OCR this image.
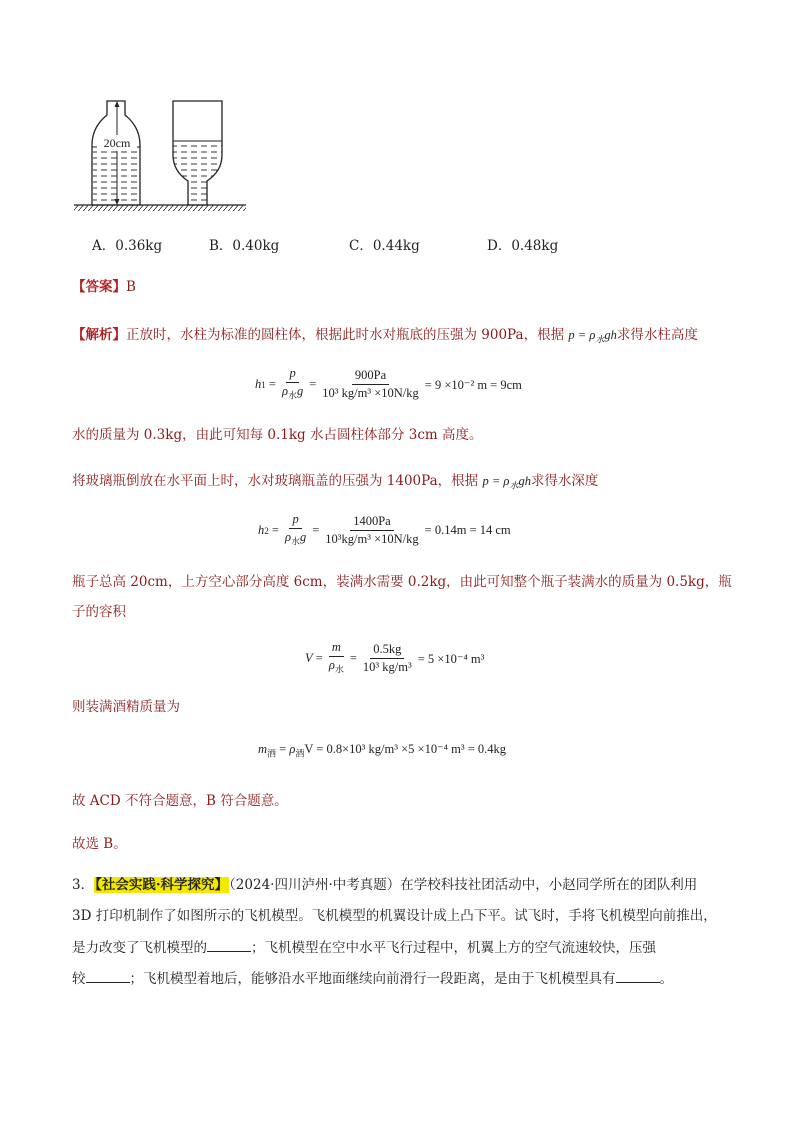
20cm
A．0.36kg	B．0.40kg	C．0.44kg	D．0.48kg
【答案】B
【解析】正放时，水柱为标准的圆柱体，根据此时水对瓶底的压强为 900Pa，根据 $p = \rho_水gh$求得水柱高度
h $1 = \frac{p}{\rho_水g} = \frac{900Pa}{\text{10³ kg/m³ ×10N/kg}} = 9 \times 10^{-2}$ m = 9cm
水的质量为 0.3kg，由此可知每 0.1kg 水占圆柱体部分 3cm 高度。
将玻璃瓶倒放在水平面上时，水对玻璃瓶盖的压强为 1400Pa，根据 $p = \rho_水gh$求得水深度
h $2 = \frac{p}{\rho_水g} = \frac{1400Pa}{\text{10³kg/m³ ×10N/kg}} = 0.14m = 14$ cm
瓶子总高 20cm，上方空心部分高度 6cm，装满水需要 0.2kg，由此可知整个瓶子装满水的质量为 0.5kg，瓶
子的容积
$V = \frac{m}{\rho_水} = \frac{0.5kg}{\text{10³ kg/m³}} = 5 \times 10^{-4}$ m³
则装满酒精质量为
$m_酒 = \rho_酒V = 0.8\times 10^3$ kg/m³ ×5 ×10⁻⁴ m³ = 0.4kg
故 ACD 不符合题意，B 符合题意。
故选 B。
3．【社会实践·科学探究】（2024·四川泸州·中考真题）在学校科技社团活动中，小赵同学所在的团队利用
3D 打印机制作了如图所示的飞机模型。飞机模型的机翼设计成上凸下平。试飞时，手将飞机模型向前推出，
是力改变了飞机模型的	；飞机模型在空中水平飞行过程中，机翼上方的空气流速较快，压强
较	；飞机模型着地后，能够沿水平地面继续向前滑行一段距离，是由于飞机模型具有	。
